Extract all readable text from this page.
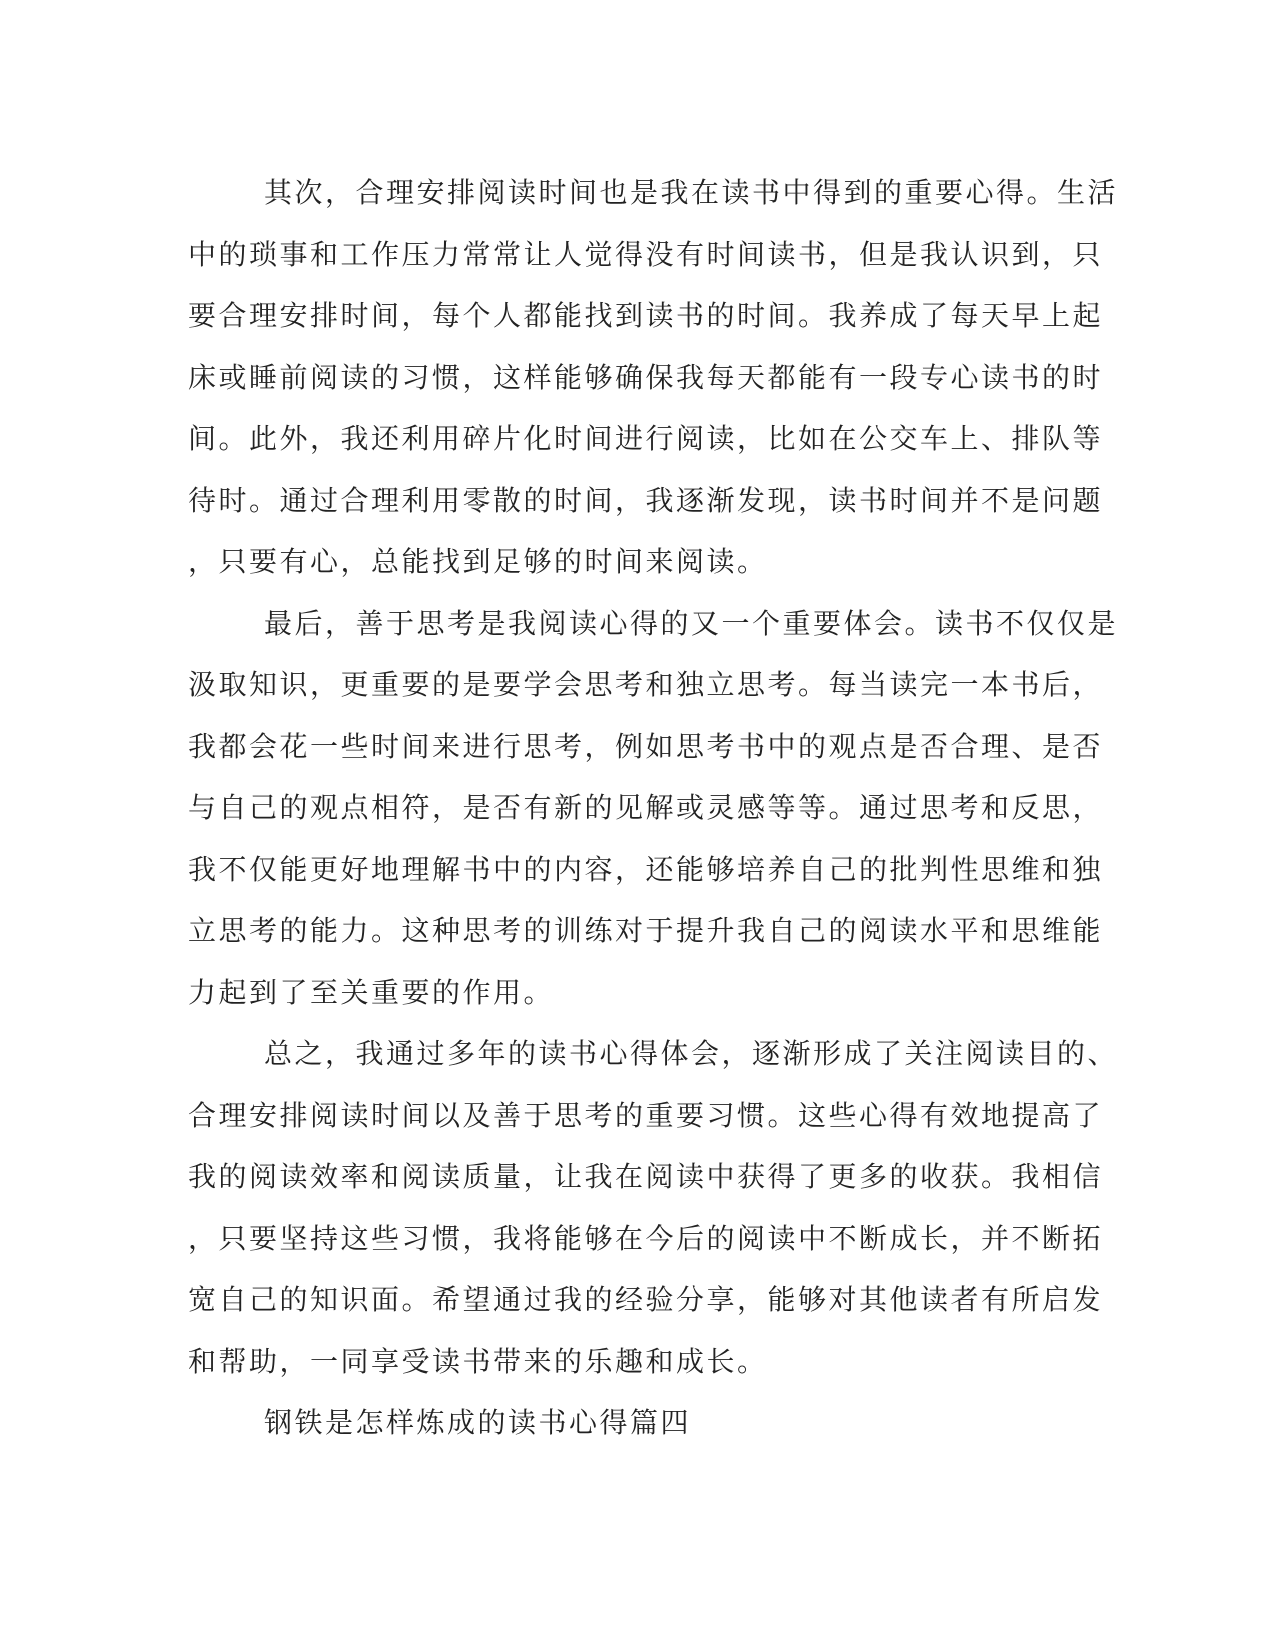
其次，合理安排阅读时间也是我在读书中得到的重要心得。生活
中的琐事和工作压力常常让人觉得没有时间读书，但是我认识到，只
要合理安排时间，每个人都能找到读书的时间。我养成了每天早上起
床或睡前阅读的习惯，这样能够确保我每天都能有一段专心读书的时
间。此外，我还利用碎片化时间进行阅读，比如在公交车上、排队等
待时。通过合理利用零散的时间，我逐渐发现，读书时间并不是问题
，只要有心，总能找到足够的时间来阅读。
最后，善于思考是我阅读心得的又一个重要体会。读书不仅仅是
汲取知识，更重要的是要学会思考和独立思考。每当读完一本书后，
我都会花一些时间来进行思考，例如思考书中的观点是否合理、是否
与自己的观点相符，是否有新的见解或灵感等等。通过思考和反思，
我不仅能更好地理解书中的内容，还能够培养自己的批判性思维和独
立思考的能力。这种思考的训练对于提升我自己的阅读水平和思维能
力起到了至关重要的作用。
总之，我通过多年的读书心得体会，逐渐形成了关注阅读目的、
合理安排阅读时间以及善于思考的重要习惯。这些心得有效地提高了
我的阅读效率和阅读质量，让我在阅读中获得了更多的收获。我相信
，只要坚持这些习惯，我将能够在今后的阅读中不断成长，并不断拓
宽自己的知识面。希望通过我的经验分享，能够对其他读者有所启发
和帮助，一同享受读书带来的乐趣和成长。
钢铁是怎样炼成的读书心得篇四
